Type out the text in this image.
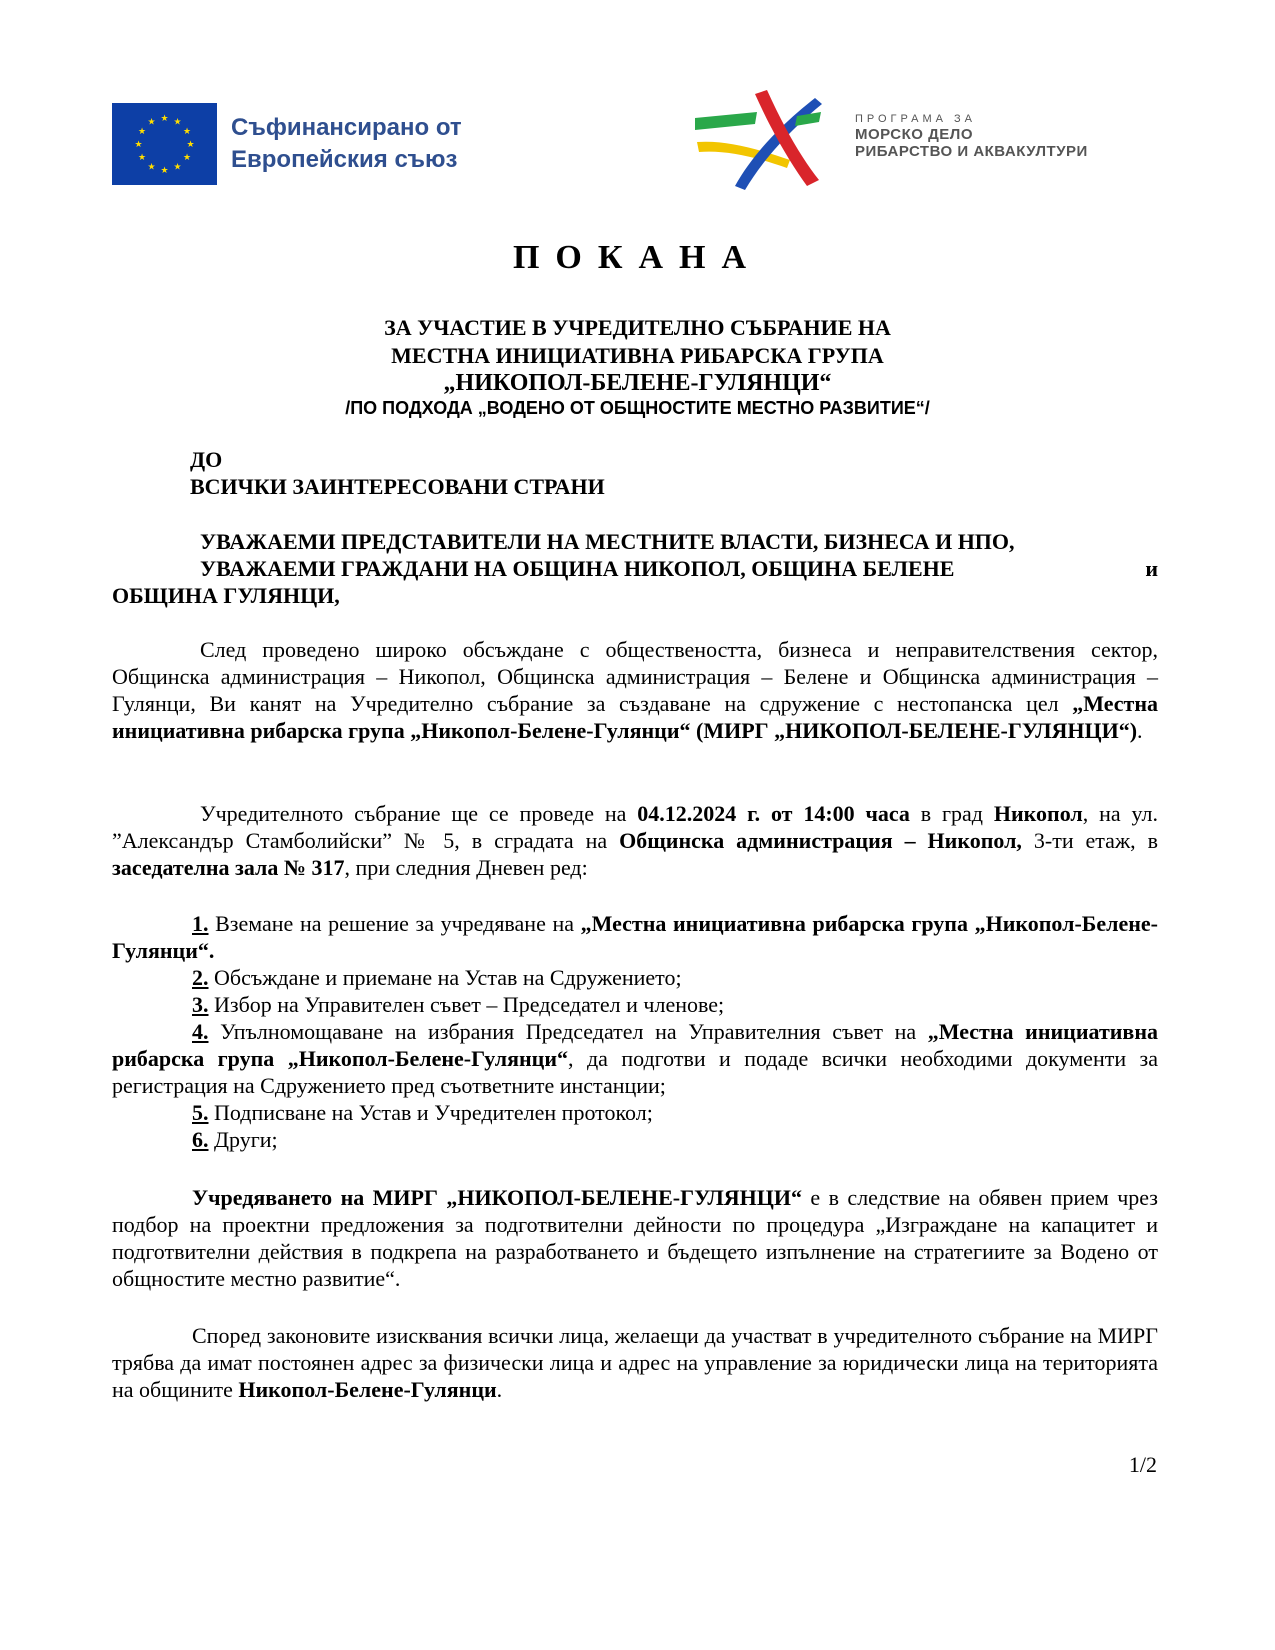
★ ★
★
★
★
★
★
★
★
★
★
★	Съфинансирано от
Европейския съюз
ПРОГРАМА ЗА
МОРСКО ДЕЛО
РИБАРСТВО И АКВАКУЛТУРИ
ПОКАНА
ЗА УЧАСТИЕ В УЧРЕДИТЕЛНО СЪБРАНИЕ НА
МЕСТНА ИНИЦИАТИВНА РИБАРСКА ГРУПА
„НИКОПОЛ-БЕЛЕНЕ-ГУЛЯНЦИ“
/ПО ПОДХОДА „ВОДЕНО ОТ ОБЩНОСТИТЕ МЕСТНО РАЗВИТИЕ“/
ДО
ВСИЧКИ ЗАИНТЕРЕСОВАНИ СТРАНИ
УВАЖАЕМИ ПРЕДСТАВИТЕЛИ НА МЕСТНИТЕ ВЛАСТИ, БИЗНЕСА И НПО,
УВАЖАЕМИ ГРАЖДАНИ НА ОБЩИНА НИКОПОЛ, ОБЩИНА БЕЛЕНЕ	и
ОБЩИНА ГУЛЯНЦИ,
След проведено широко обсъждане с обществеността, бизнеса и неправителствения сектор, Общинска администрация – Никопол, Общинска администрация – Белене и Общинска администрация – Гулянци, Ви канят на Учредително събрание за създаване на сдружение с нестопанска цел „Местна инициативна рибарска група „Никопол-Белене-Гулянци“ (МИРГ „НИКОПОЛ-БЕЛЕНЕ-ГУЛЯНЦИ“).
Учредителното събрание ще се проведе на 04.12.2024 г. от 14:00 часа в град Никопол, на ул. ”Александър Стамболийски” № 5, в сградата на Общинска администрация – Никопол, 3-ти етаж, в заседателна зала № 317, при следния Дневен ред:

1. Вземане на решение за учредяване на „Местна инициативна рибарска група „Никопол-Белене-Гулянци“.

2. Обсъждане и приемане на Устав на Сдружението;

3. Избор на Управителен съвет – Председател и членове;

4. Упълномощаване на избрания Председател на Управителния съвет на „Местна инициативна рибарска група „Никопол-Белене-Гулянци“, да подготви и подаде всички необходими документи за регистрация на Сдружението пред съответните инстанции;

5. Подписване на Устав и Учредителен протокол;

6. Други;

Учредяването на МИРГ „НИКОПОЛ-БЕЛЕНЕ-ГУЛЯНЦИ“ е в следствие на обявен прием чрез подбор на проектни предложения за подготвителни дейности по процедура „Изграждане на капацитет и подготвителни действия в подкрепа на разработването и бъдещето изпълнение на стратегиите за Водено от общностите местно развитие“.
Според законовите изисквания всички лица, желаещи да участват в учредителното събрание на МИРГ трябва да имат постоянен адрес за физически лица и адрес на управление за юридически лица на територията на общините Никопол-Белене-Гулянци.
1/2
